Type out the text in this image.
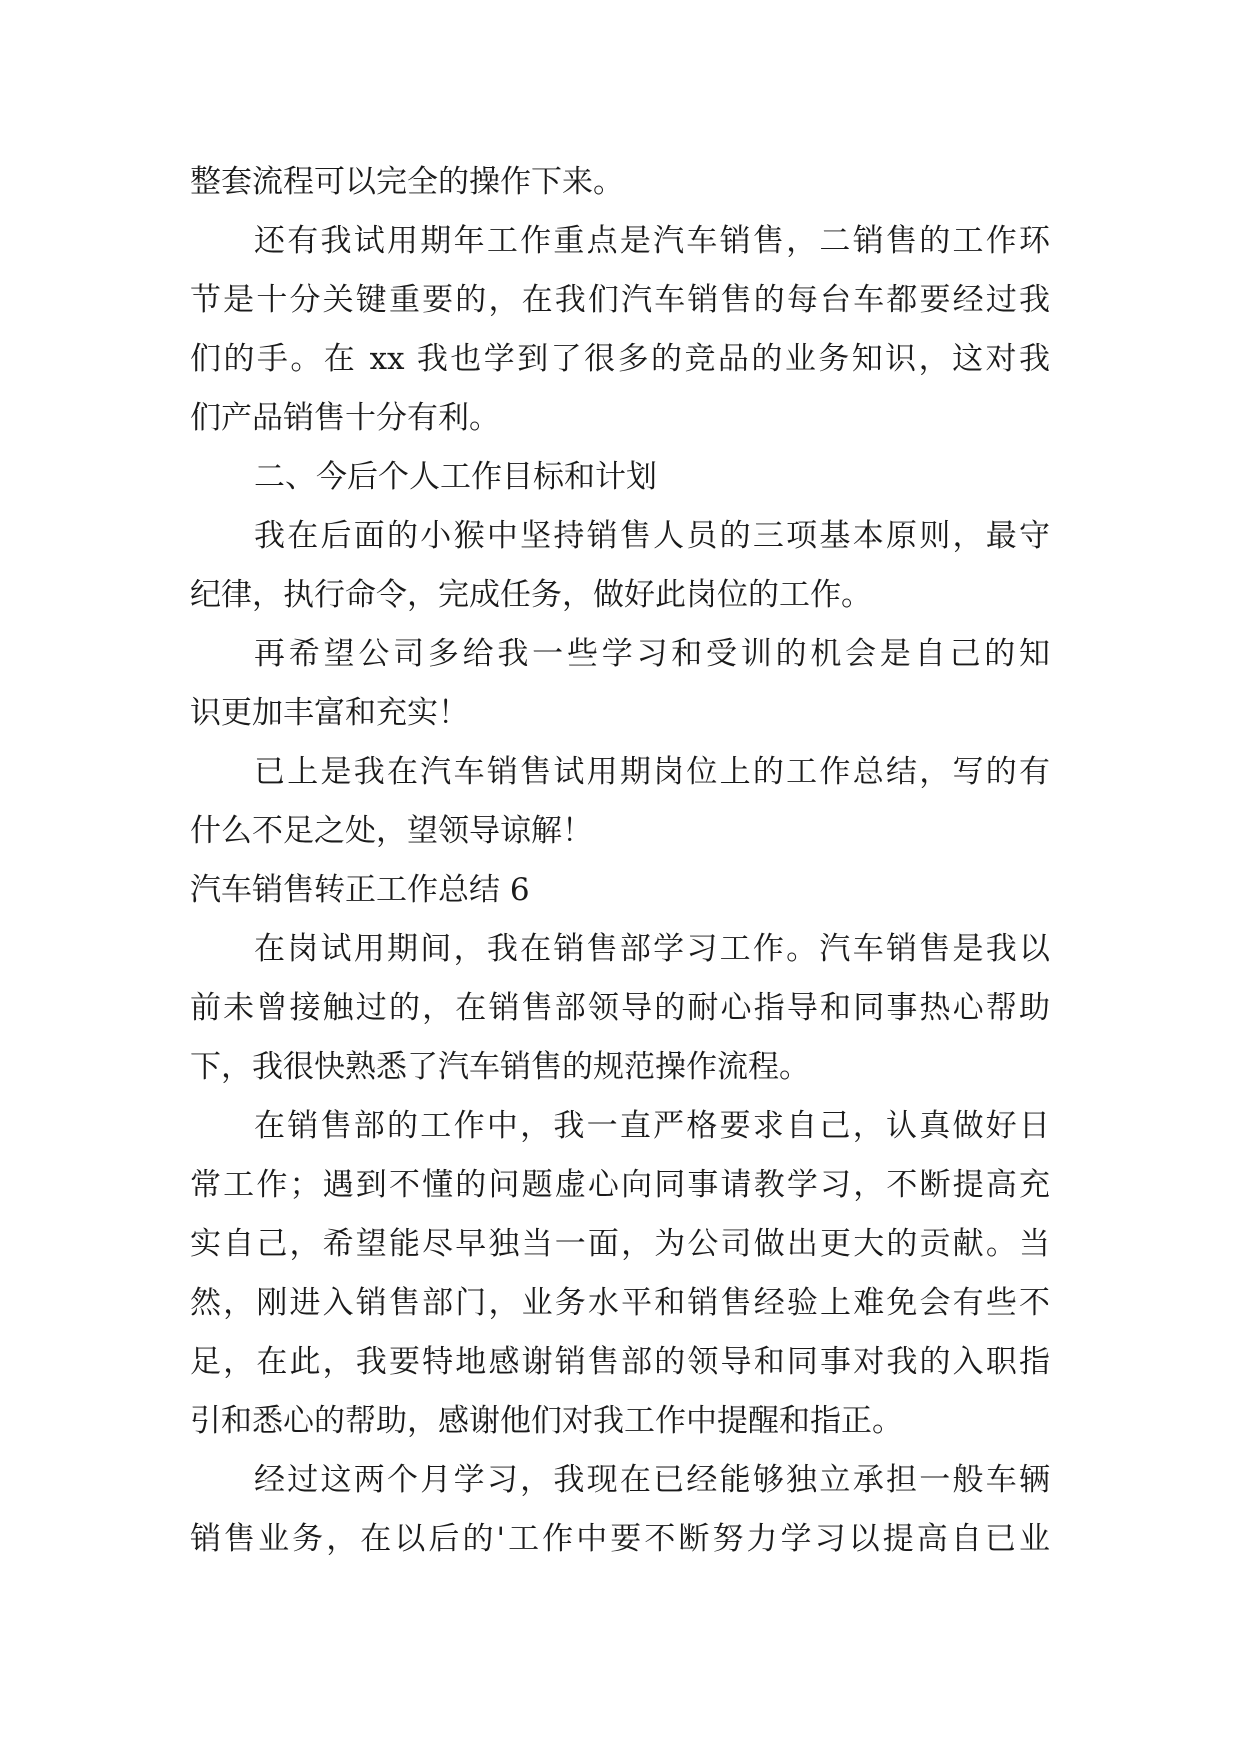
整套流程可以完全的操作下来。
还有我试用期年工作重点是汽车销售，二销售的工作环
节是十分关键重要的，在我们汽车销售的每台车都要经过我
们的手。在 xx 我也学到了很多的竞品的业务知识，这对我
们产品销售十分有利。
二、今后个人工作目标和计划
我在后面的小猴中坚持销售人员的三项基本原则，最守
纪律，执行命令，完成任务，做好此岗位的工作。
再希望公司多给我一些学习和受训的机会是自己的知
识更加丰富和充实！
已上是我在汽车销售试用期岗位上的工作总结，写的有
什么不足之处，望领导谅解！
汽车销售转正工作总结 6
在岗试用期间，我在销售部学习工作。汽车销售是我以
前未曾接触过的，在销售部领导的耐心指导和同事热心帮助
下，我很快熟悉了汽车销售的规范操作流程。
在销售部的工作中，我一直严格要求自己，认真做好日
常工作；遇到不懂的问题虚心向同事请教学习，不断提高充
实自己，希望能尽早独当一面，为公司做出更大的贡献。当
然，刚进入销售部门，业务水平和销售经验上难免会有些不
足，在此，我要特地感谢销售部的领导和同事对我的入职指
引和悉心的帮助，感谢他们对我工作中提醒和指正。
经过这两个月学习，我现在已经能够独立承担一般车辆
销售业务，在以后的'工作中要不断努力学习以提高自已业
